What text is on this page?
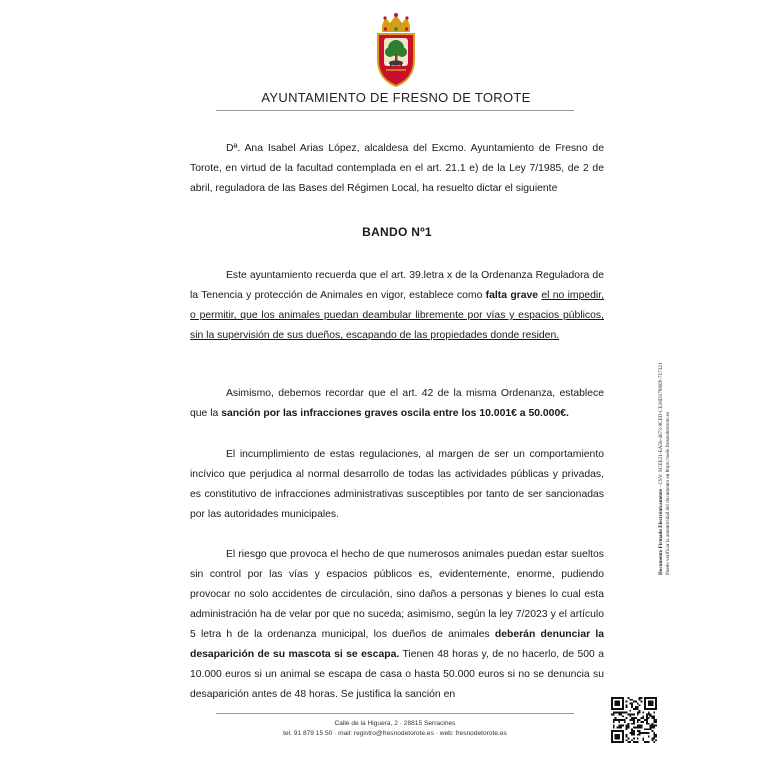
AYUNTAMIENTO DE FRESNO DE TOROTE

Dª. Ana Isabel Arias López, alcaldesa del Excmo. Ayuntamiento de Fresno de Torote, en virtud de la facultad contemplada en el art. 21.1 e) de la Ley 7/1985, de 2 de abril, reguladora de las Bases del Régimen Local, ha resuelto dictar el siguiente

BANDO Nº1

Este ayuntamiento recuerda que el art. 39.letra x de la Ordenanza Reguladora de la Tenencia y protección de Animales en vigor, establece como falta grave el no impedir, o permitir, que los animales puedan deambular libremente por vías y espacios públicos, sin la supervisión de sus dueños, escapando de las propiedades donde residen.

Asimismo, debemos recordar que el art. 42 de la misma Ordenanza, establece que la sanción por las infracciones graves oscila entre los 10.001€ a 50.000€.

El incumplimiento de estas regulaciones, al margen de ser un comportamiento incívico que perjudica al normal desarrollo de todas las actividades públicas y privadas, es constitutivo de infracciones administrativas susceptibles por tanto de ser sancionadas por las autoridades municipales.

El riesgo que provoca el hecho de que numerosos animales puedan estar sueltos sin control por las vías y espacios públicos es, evidentemente, enorme, pudiendo provocar no solo accidentes de circulación, sino daños a personas y bienes lo cual esta administración ha de velar por que no suceda; asimismo, según la ley 7/2023 y el artículo 5 letra h de la ordenanza municipal, los dueños de animales deberán denunciar la desaparición de su mascota si se escapa. Tienen 48 horas y, de no hacerlo, de 500 a 10.000 euros si un animal se escapa de casa o hasta 50.000 euros si no se denuncia su desaparición antes de 48 horas. Se justifica la sanción en

Calle de la Higuera, 2 · 28815 Serracines
tel. 91 879 15 50 · mail: registro@fresnodetorote.es · web: fresnodetorote.es
Documento Firmado Electrónicamente · CSV: SCEE21-EA58-4673-9CED-CE16D1789EP-717321 Puede verificar la autenticidad del documento en https://sede.fresnodetorote.es
